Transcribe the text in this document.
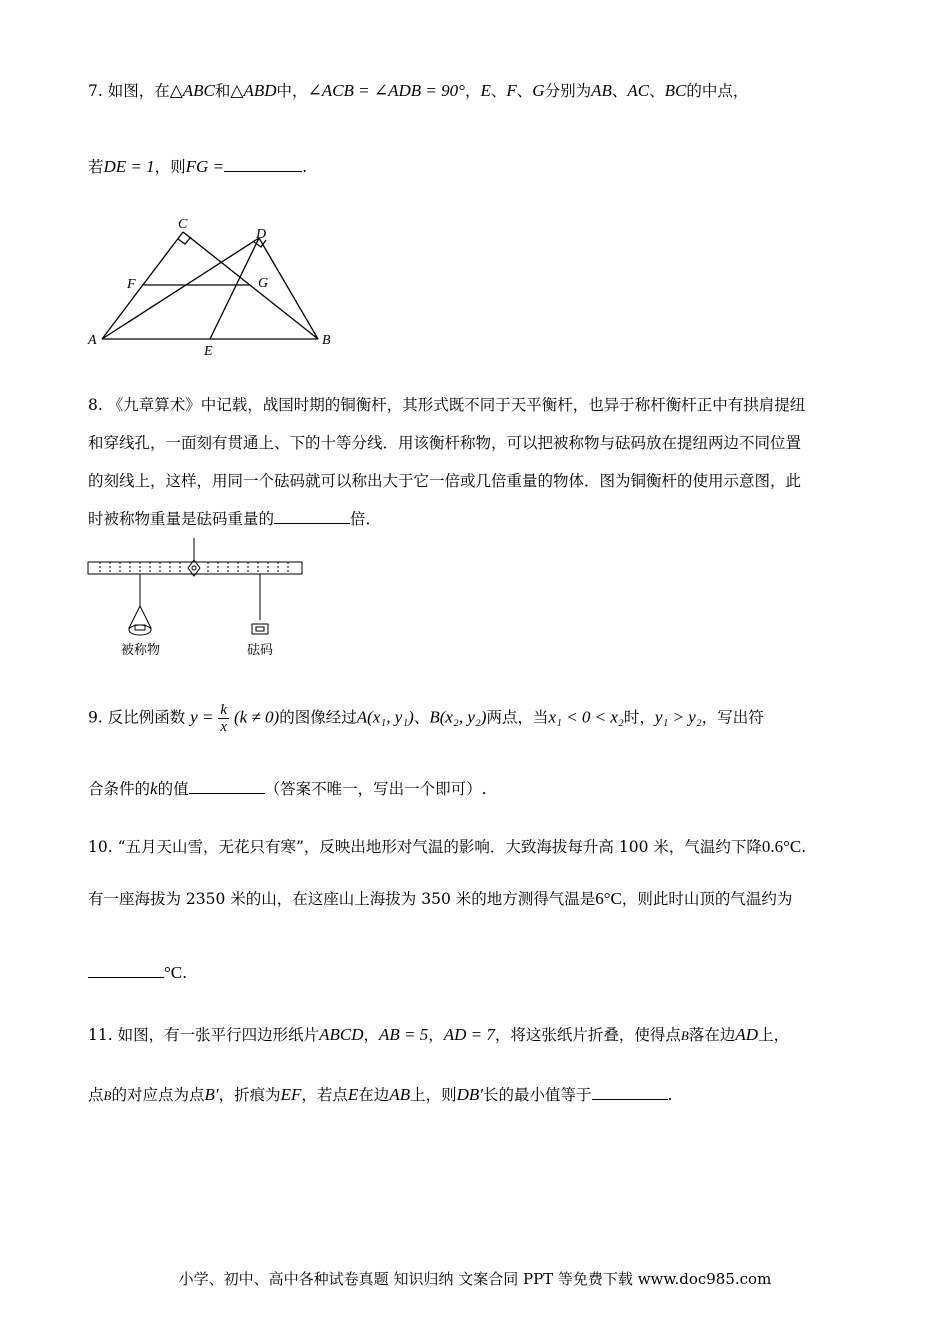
7. 如图，在△ABC和△ABD中，∠ACB = ∠ADB = 90°，E、F、G分别为AB、AC、BC的中点，
若DE = 1，则FG =	.
C
D
F	G
A
E
B
8. 《九章算术》中记载，战国时期的铜衡杆，其形式既不同于天平衡杆，也异于称杆衡杆正中有拱肩提纽
和穿线孔，一面刻有贯通上、下的十等分线．用该衡杆称物，可以把被称物与砝码放在提纽两边不同位置
的刻线上，这样，用同一个砝码就可以称出大于它一倍或几倍重量的物体．图为铜衡杆的使用示意图，此
时被称物重量是砝码重量的	倍．
被称物	砝码
9. 反比例函数 $y = \frac{k}{x} (k \ne 0)$的图像经过A(x₁, y₁)、B(x₂, y₂)两点，当x₁ < 0 < x₂时，y₁ > y₂，写出符
合条件的k的值	（答案不唯一，写出一个即可）.
10. “五月天山雪，无花只有寒”，反映出地形对气温的影响．大致海拔每升高 100 米，气温约下降0.6°C.
有一座海拔为 2350 米的山，在这座山上海拔为 350 米的地方测得气温是6°C，则此时山顶的气温约为
°C.
11. 如图，有一张平行四边形纸片ABCD，AB = 5，AD = 7，将这张纸片折叠，使得点B落在边AD上，
点B的对应点为点B′，折痕为EF，若点E在边AB上，则DB′长的最小值等于	.
小学、初中、高中各种试卷真题 知识归纳 文案合同 PPT 等免费下载 www.doc985.com
